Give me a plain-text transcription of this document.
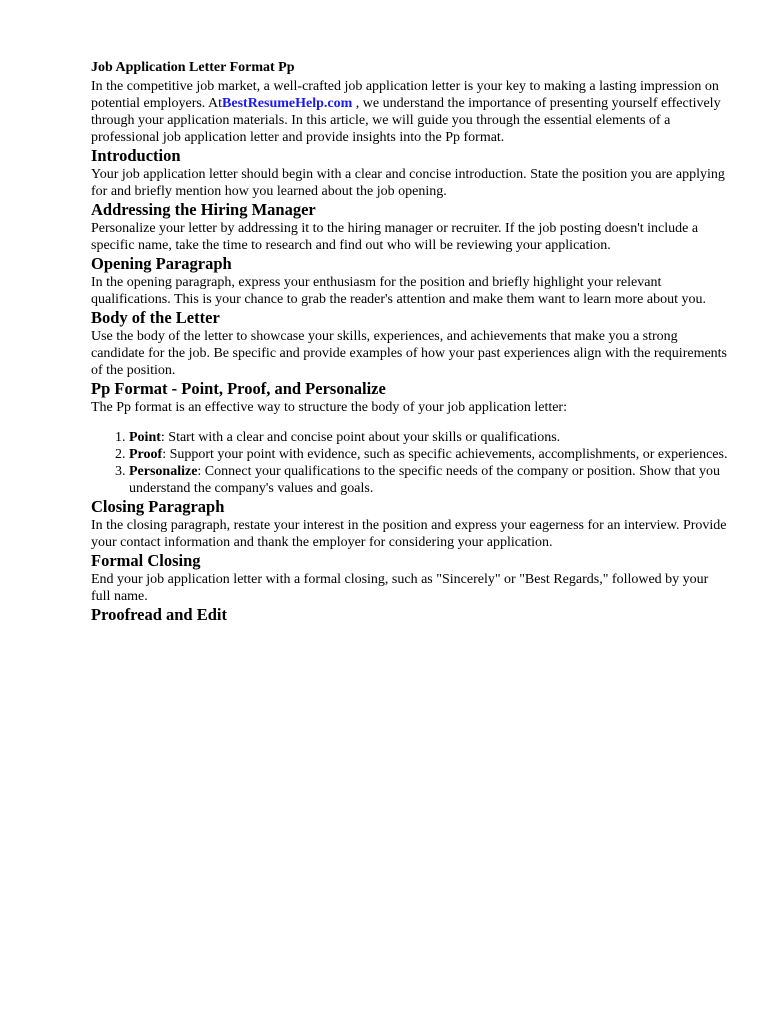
Job Application Letter Format Pp

In the competitive job market, a well-crafted job application letter is your key to making a lasting impression on potential employers. AtBestResumeHelp.com , we understand the importance of presenting yourself effectively through your application materials. In this article, we will guide you through the essential elements of a professional job application letter and provide insights into the Pp format.

Introduction

Your job application letter should begin with a clear and concise introduction. State the position you are applying for and briefly mention how you learned about the job opening.

Addressing the Hiring Manager

Personalize your letter by addressing it to the hiring manager or recruiter. If the job posting doesn't include a specific name, take the time to research and find out who will be reviewing your application.

Opening Paragraph

In the opening paragraph, express your enthusiasm for the position and briefly highlight your relevant qualifications. This is your chance to grab the reader's attention and make them want to learn more about you.

Body of the Letter

Use the body of the letter to showcase your skills, experiences, and achievements that make you a strong candidate for the job. Be specific and provide examples of how your past experiences align with the requirements of the position.

Pp Format - Point, Proof, and Personalize

The Pp format is an effective way to structure the body of your job application letter:

1. Point: Start with a clear and concise point about your skills or qualifications.
2. Proof: Support your point with evidence, such as specific achievements, accomplishments, or experiences.
3. Personalize: Connect your qualifications to the specific needs of the company or position. Show that you understand the company's values and goals.
Closing Paragraph

In the closing paragraph, restate your interest in the position and express your eagerness for an interview. Provide your contact information and thank the employer for considering your application.

Formal Closing

End your job application letter with a formal closing, such as "Sincerely" or "Best Regards," followed by your full name.

Proofread and Edit
